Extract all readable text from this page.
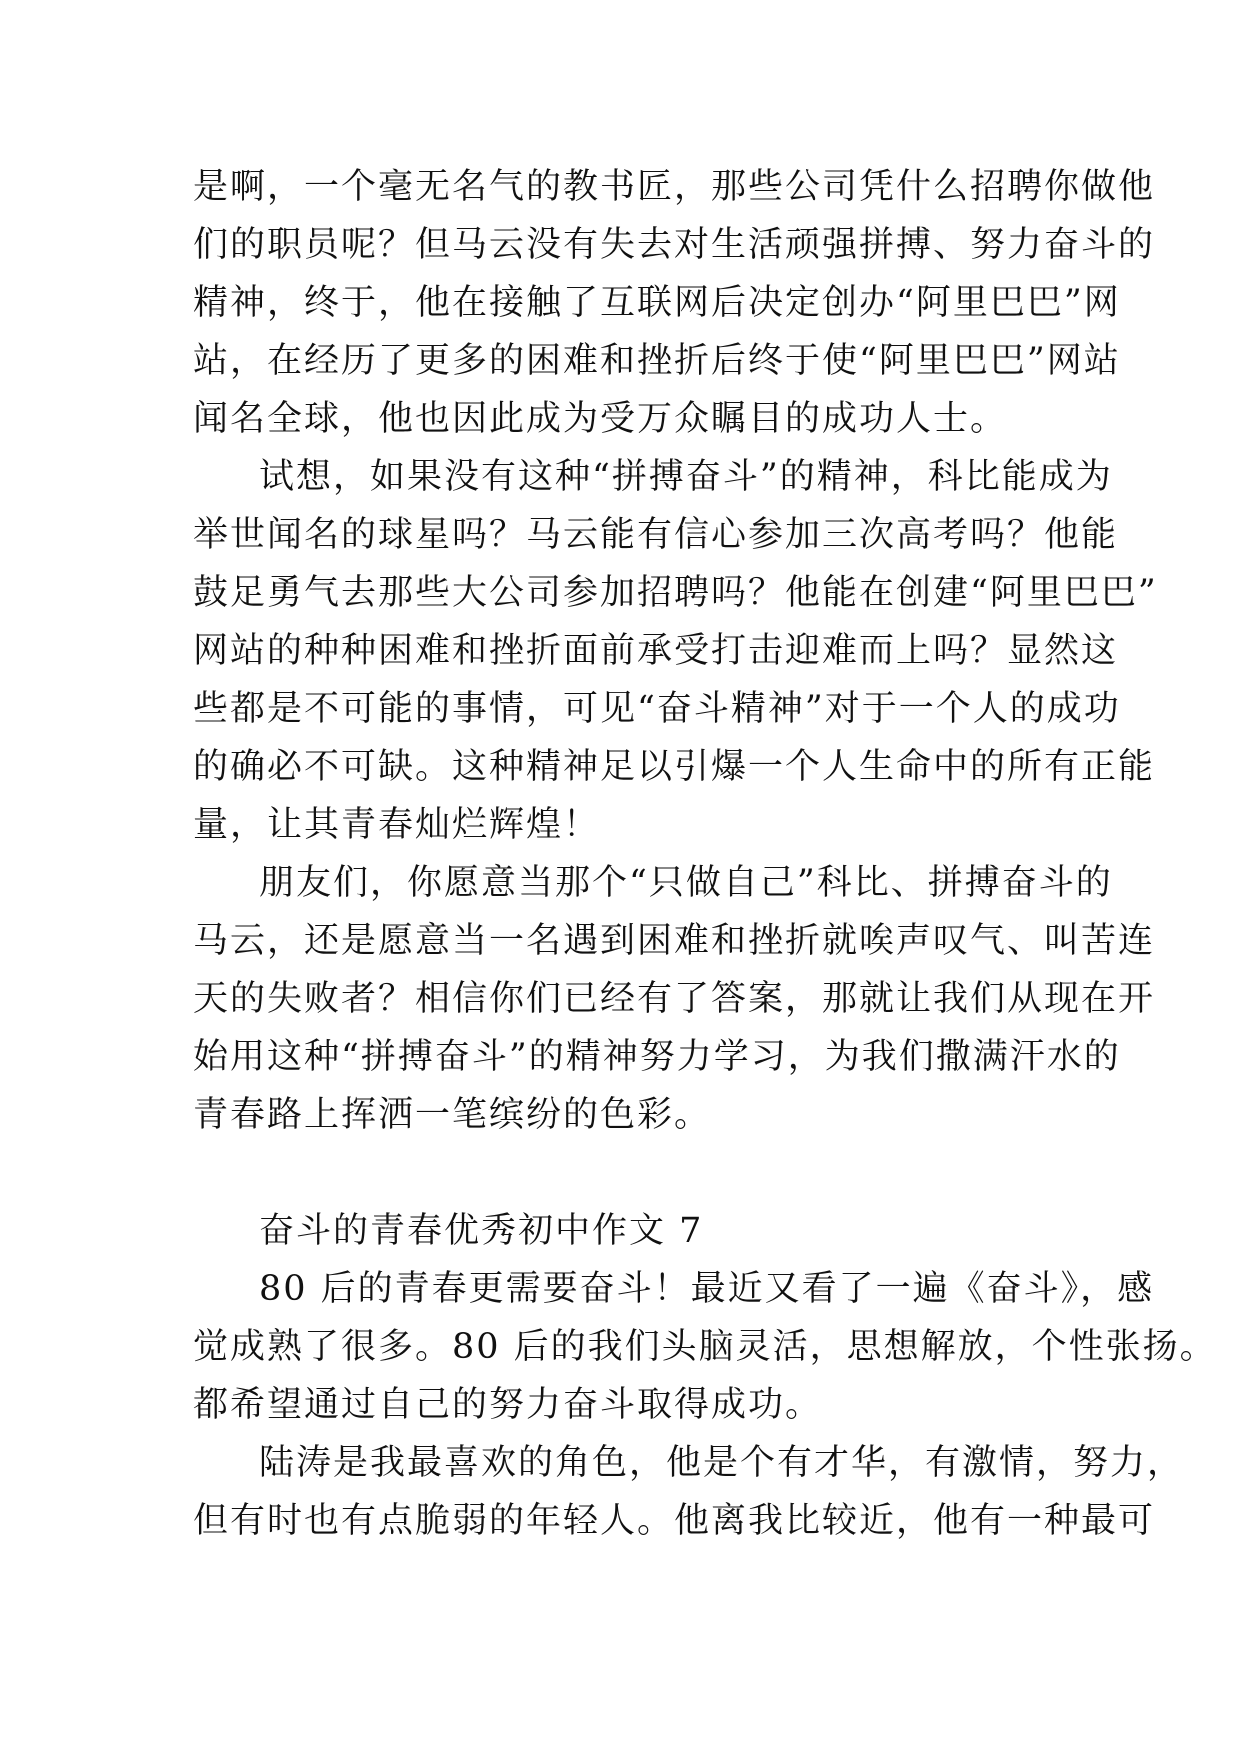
是啊，一个毫无名气的教书匠，那些公司凭什么招聘你做他
们的职员呢？但马云没有失去对生活顽强拼搏、努力奋斗的
精神，终于，他在接触了互联网后决定创办“阿里巴巴”网
站，在经历了更多的困难和挫折后终于使“阿里巴巴”网站
闻名全球，他也因此成为受万众瞩目的成功人士。
试想，如果没有这种“拼搏奋斗”的精神，科比能成为
举世闻名的球星吗？马云能有信心参加三次高考吗？他能
鼓足勇气去那些大公司参加招聘吗？他能在创建“阿里巴巴”
网站的种种困难和挫折面前承受打击迎难而上吗？显然这
些都是不可能的事情，可见“奋斗精神”对于一个人的成功
的确必不可缺。这种精神足以引爆一个人生命中的所有正能
量，让其青春灿烂辉煌！
朋友们，你愿意当那个“只做自己”科比、拼搏奋斗的
马云，还是愿意当一名遇到困难和挫折就唉声叹气、叫苦连
天的失败者？相信你们已经有了答案，那就让我们从现在开
始用这种“拼搏奋斗”的精神努力学习，为我们撒满汗水的
青春路上挥洒一笔缤纷的色彩。
奋斗的青春优秀初中作文 7
80 后的青春更需要奋斗！最近又看了一遍《奋斗》，感
觉成熟了很多。80 后的我们头脑灵活，思想解放，个性张扬。
都希望通过自己的努力奋斗取得成功。
陆涛是我最喜欢的角色，他是个有才华，有激情，努力，
但有时也有点脆弱的年轻人。他离我比较近，他有一种最可
